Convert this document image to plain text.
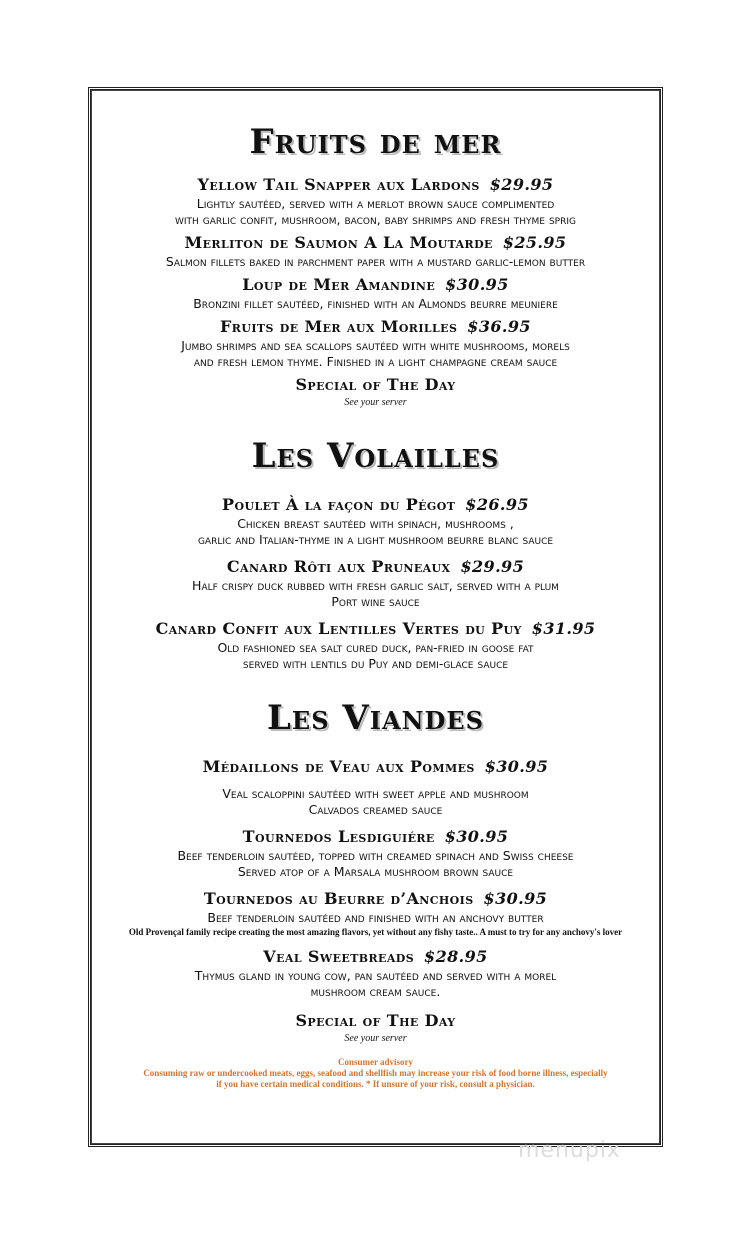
Fruits de mer

Yellow Tail Snapper aux Lardons $29.95

Lightly sautéed, served with a merlot brown sauce complimented
with garlic confit, mushroom, bacon, baby shrimps and fresh thyme sprig

Merliton de Saumon A La Moutarde $25.95

Salmon fillets baked in parchment paper with a mustard garlic-lemon butter

Loup de Mer Amandine $30.95

Bronzini fillet sautéed, finished with an Almonds beurre meuniere

Fruits de Mer aux Morilles $36.95

Jumbo shrimps and sea scallops sautéed with white mushrooms, morels
and fresh lemon thyme. Finished in a light champagne cream sauce

Special of The Day

See your server

Les Volailles

Poulet À la façon du Pégot $26.95

Chicken breast sautéed with spinach, mushrooms ,
garlic and Italian-thyme in a light mushroom beurre blanc sauce

Canard Rôti aux Pruneaux $29.95

Half crispy duck rubbed with fresh garlic salt, served with a plum
Port wine sauce

Canard Confit aux Lentilles Vertes du Puy $31.95

Old fashioned sea salt cured duck, pan-fried in goose fat
served with lentils du Puy and demi-glace sauce

Les Viandes

Médaillons de Veau aux Pommes $30.95

Veal scaloppini sautéed with sweet apple and mushroom
Calvados creamed sauce

Tournedos Lesdiguiére $30.95

Beef tenderloin sautéed, topped with creamed spinach and Swiss cheese
Served atop of a Marsala mushroom brown sauce

Tournedos au Beurre d’Anchois $30.95

Beef tenderloin sautéed and finished with an anchovy butter

Old Provençal family recipe creating the most amazing flavors, yet without any fishy taste.. A must to try for any anchovy's lover

Veal Sweetbreads $28.95

Thymus gland in young cow, pan sautéed and served with a morel
mushroom cream sauce.

Special of The Day

See your server

Consumer advisory

Consuming raw or undercooked meats, eggs, seafood and shellfish may increase your risk of food borne illness, especially
if you have certain medical conditions. * If unsure of your risk, consult a physician.

menupix
